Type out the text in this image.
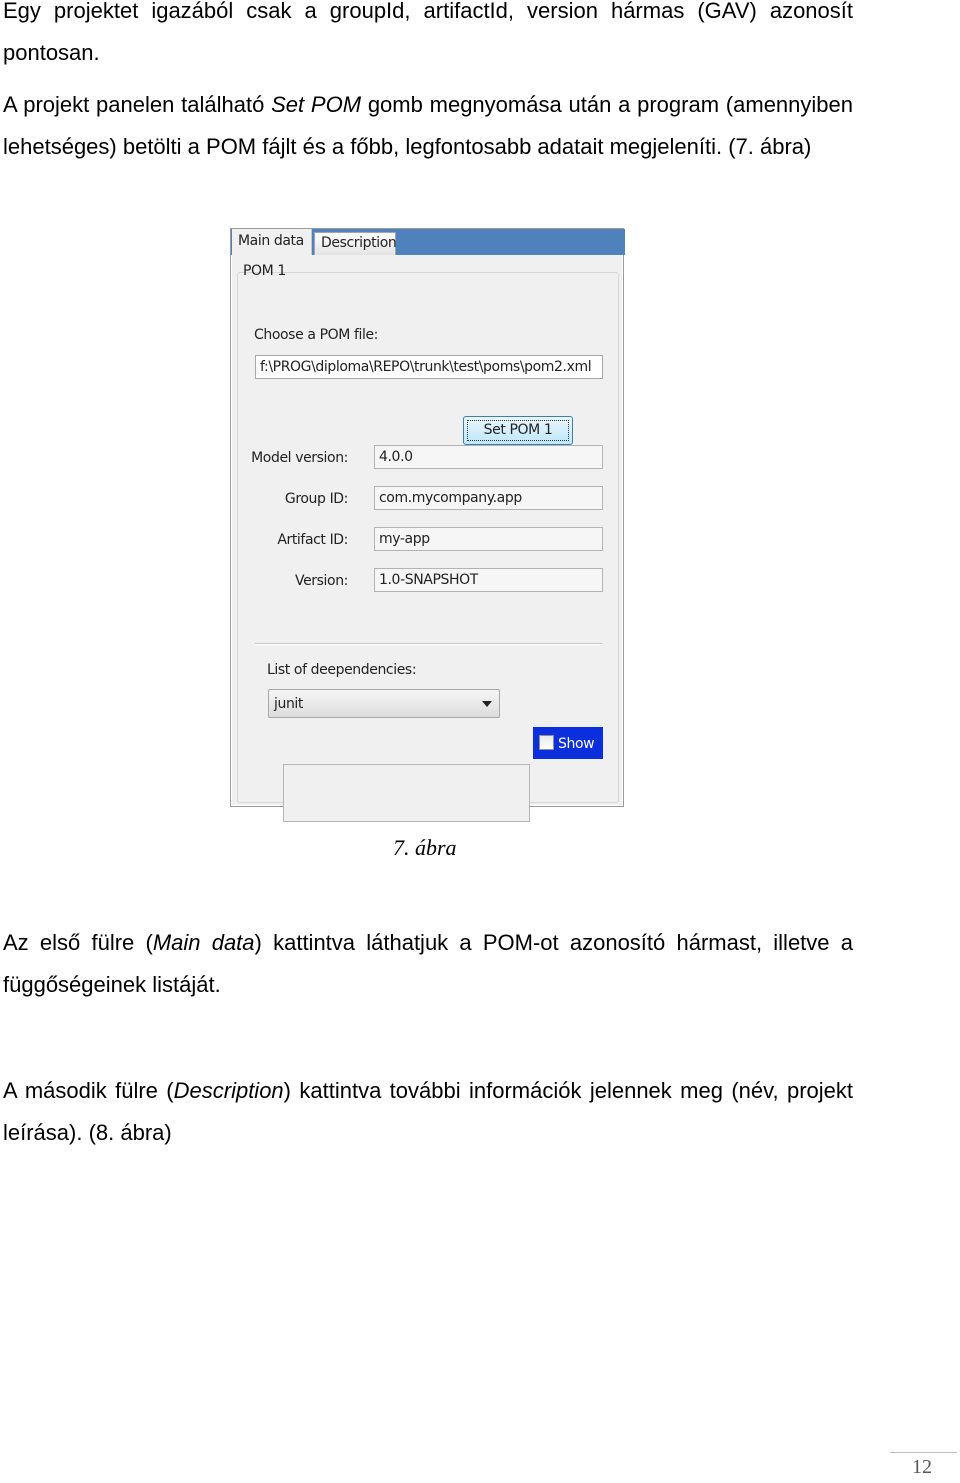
Egy projektet igazából csak a groupId, artifactId, version hármas (GAV) azonosít pontosan.

A projekt panelen található Set POM gomb megnyomása után a program (amennyiben lehetséges) betölti a POM fájlt és a főbb, legfontosabb adatait megjeleníti. (7. ábra)

Main data	Description
POM 1
Choose a POM file:
f:\PROG\diploma\REPO\trunk\test\poms\pom2.xml
Set POM 1
Model version:	4.0.0
Group ID:	com.mycompany.app
Artifact ID:	my-app
Version:	1.0-SNAPSHOT
List of deependencies:
junit
Show
7. ábra

Az első fülre (Main data) kattintva láthatjuk a POM-ot azonosító hármast, illetve a függőségeinek listáját.

A második fülre (Description) kattintva további információk jelennek meg (név, projekt leírása). (8. ábra)

12
